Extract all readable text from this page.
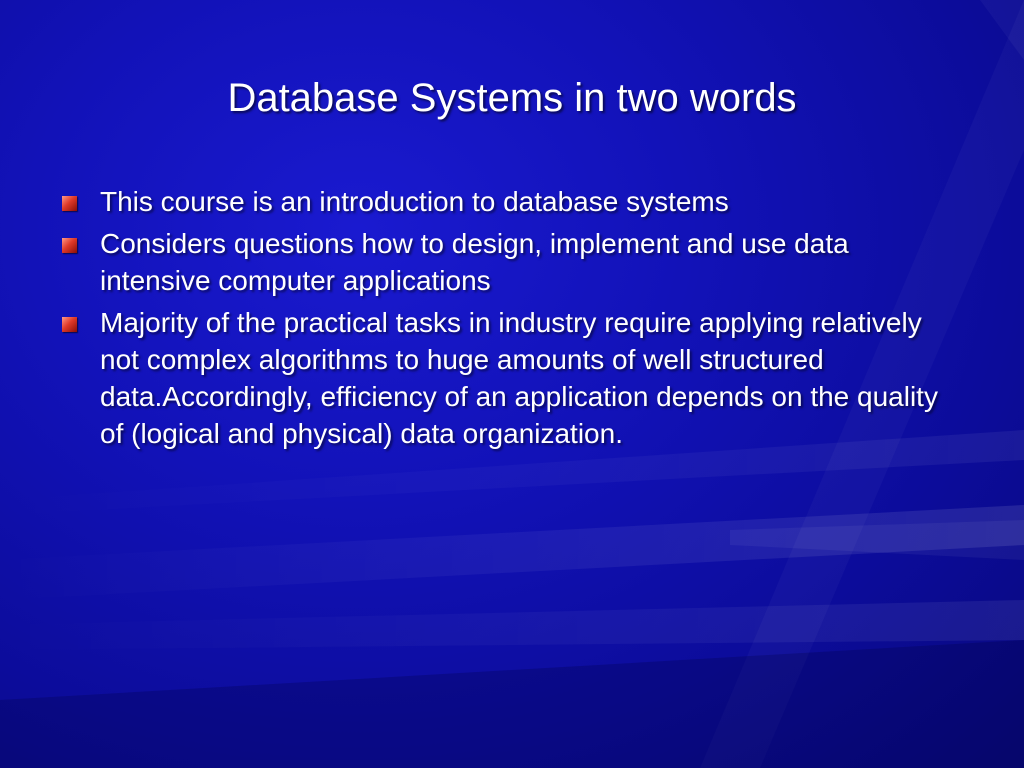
Database Systems in two words
This course is an introduction to database systems
Considers questions how to design, implement and use data intensive computer applications
Majority of the practical tasks in industry require applying relatively not complex algorithms to huge amounts of well structured data.Accordingly, efficiency of an application depends on the quality of (logical and physical) data organization.
